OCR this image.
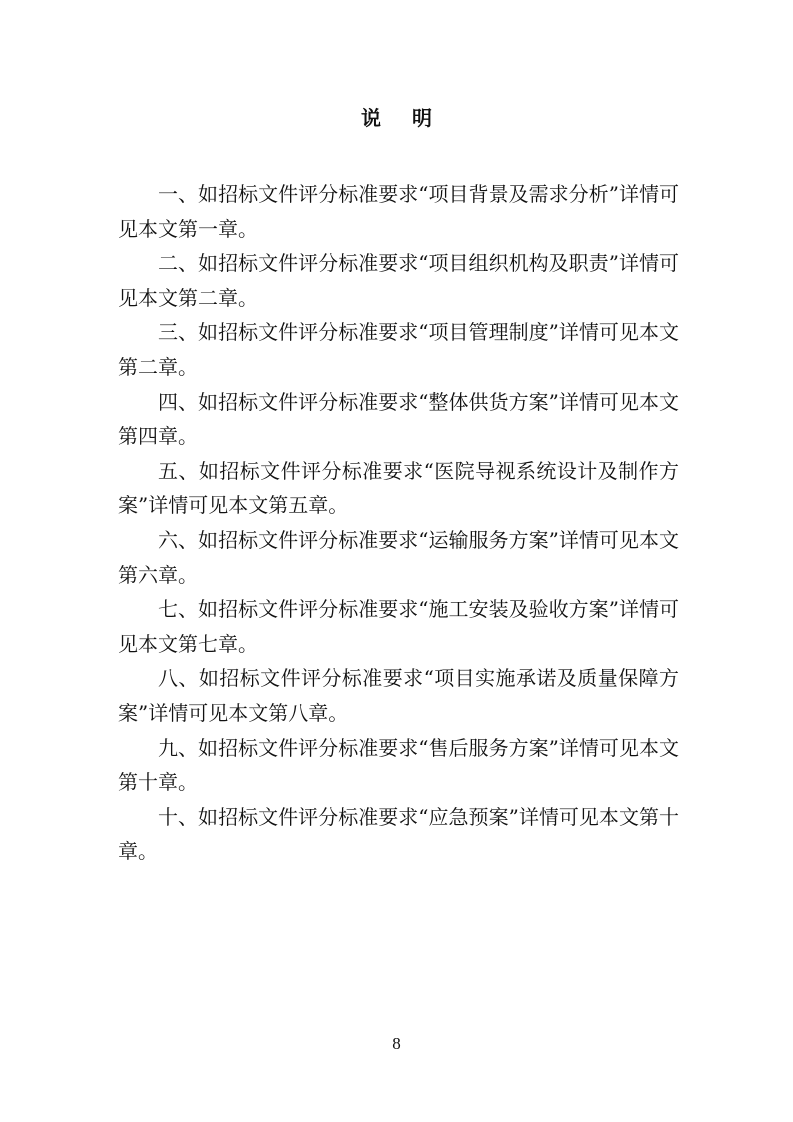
说 明

一、如招标文件评分标准要求“项目背景及需求分析”详情可见本文第一章。

二、如招标文件评分标准要求“项目组织机构及职责”详情可见本文第二章。

三、如招标文件评分标准要求“项目管理制度”详情可见本文第二章。

四、如招标文件评分标准要求“整体供货方案”详情可见本文第四章。

五、如招标文件评分标准要求“医院导视系统设计及制作方案”详情可见本文第五章。

六、如招标文件评分标准要求“运输服务方案”详情可见本文第六章。

七、如招标文件评分标准要求“施工安装及验收方案”详情可见本文第七章。

八、如招标文件评分标准要求“项目实施承诺及质量保障方案”详情可见本文第八章。

九、如招标文件评分标准要求“售后服务方案”详情可见本文第十章。

十、如招标文件评分标准要求“应急预案”详情可见本文第十章。

8
